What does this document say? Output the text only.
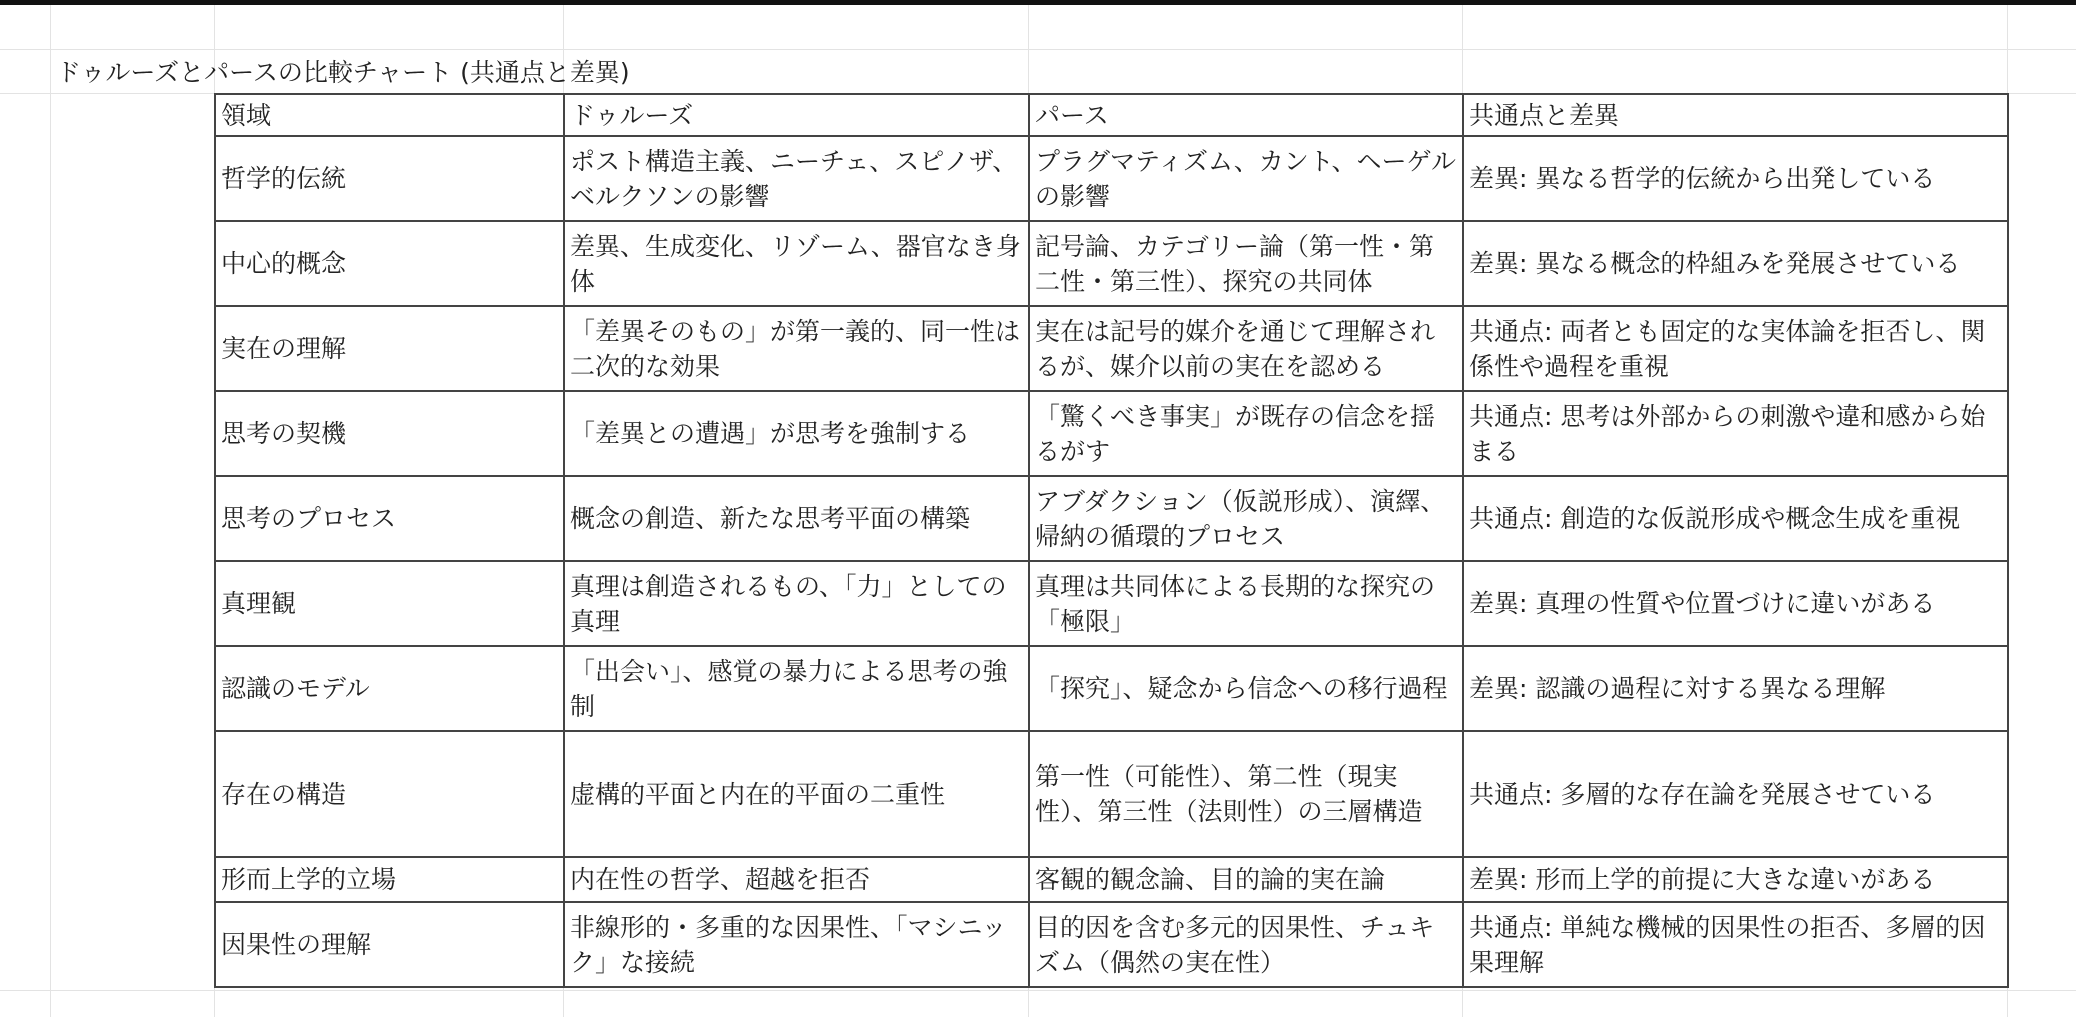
ドゥルーズとパースの比較チャート (共通点と差異)
領域	ドゥルーズ	パース	共通点と差異
哲学的伝統	ポスト構造主義、ニーチェ、スピノザ、ベルクソンの影響	プラグマティズム、カント、ヘーゲルの影響	差異: 異なる哲学的伝統から出発している
中心的概念	差異、生成変化、リゾーム、器官なき身体	記号論、カテゴリー論（第一性・第二性・第三性）、探究の共同体	差異: 異なる概念的枠組みを発展させている
実在の理解	「差異そのもの」が第一義的、同一性は二次的な効果	実在は記号的媒介を通じて理解されるが、媒介以前の実在を認める	共通点: 両者とも固定的な実体論を拒否し、関係性や過程を重視
思考の契機	「差異との遭遇」が思考を強制する	「驚くべき事実」が既存の信念を揺るがす	共通点: 思考は外部からの刺激や違和感から始まる
思考のプロセス	概念の創造、新たな思考平面の構築	アブダクション（仮説形成）、演繹、帰納の循環的プロセス	共通点: 創造的な仮説形成や概念生成を重視
真理観	真理は創造されるもの、「力」としての真理	真理は共同体による長期的な探究の「極限」	差異: 真理の性質や位置づけに違いがある
認識のモデル	「出会い」、感覚の暴力による思考の強制	「探究」、疑念から信念への移行過程	差異: 認識の過程に対する異なる理解
存在の構造	虚構的平面と内在的平面の二重性	第一性（可能性）、第二性（現実性）、第三性（法則性）の三層構造	共通点: 多層的な存在論を発展させている
形而上学的立場	内在性の哲学、超越を拒否	客観的観念論、目的論的実在論	差異: 形而上学的前提に大きな違いがある
因果性の理解	非線形的・多重的な因果性、「マシニック」な接続	目的因を含む多元的因果性、チュキズム（偶然の実在性）	共通点: 単純な機械的因果性の拒否、多層的因果理解
